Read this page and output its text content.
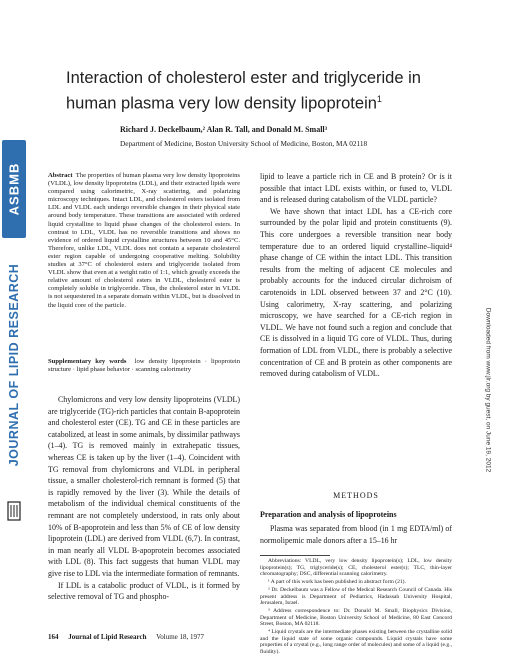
ASBMB
JOURNAL OF LIPID RESEARCH	Downloaded from www.jlr.org by guest, on June 19, 2012
Interaction of cholesterol ester and triglyceride in human plasma very low density lipoprotein$^1$
Richard J. Deckelbaum,² Alan R. Tall, and Donald M. Small³
Department of Medicine, Boston University School of Medicine, Boston, MA 02118
Abstract The properties of human plasma very low density lipoproteins (VLDL), low density lipoproteins (LDL), and their extracted lipids were compared using calorimetric, X-ray scattering, and polarizing microscopy techniques. Intact LDL, and cholesterol esters isolated from LDL and VLDL each undergo reversible changes in their physical state around body temperature. These transitions are associated with ordered liquid crystalline to liquid phase changes of the cholesterol esters. In contrast to LDL, VLDL has no reversible transitions and shows no evidence of ordered liquid crystalline structures between 10 and 45°C. Therefore, unlike LDL, VLDL does not contain a separate cholesterol ester region capable of undergoing cooperative melting. Solubility studies at 37°C of cholesterol esters and triglyceride isolated from VLDL show that even at a weight ratio of 1:1, which greatly exceeds the relative amount of cholesterol esters in VLDL, cholesterol ester is completely soluble in triglyceride. Thus, the cholesterol ester in VLDL is not sequestered in a separate domain within VLDL, but is dissolved in the liquid core of the particle.
Supplementary key words low density lipoprotein · lipoprotein structure · lipid phase behavior · scanning calorimetry

Chylomicrons and very low density lipoproteins (VLDL) are triglyceride (TG)-rich particles that contain B-apoprotein and cholesterol ester (CE). TG and CE in these particles are catabolized, at least in some animals, by dissimilar pathways (1–4). TG is removed mainly in extrahepatic tissues, whereas CE is taken up by the liver (1–4). Coincident with TG removal from chylomicrons and VLDL in peripheral tissue, a smaller cholesterol-rich remnant is formed (5) that is rapidly removed by the liver (3). While the details of metabolism of the individual chemical constituents of the remnant are not completely understood, in rats only about 10% of B-apoprotein and less than 5% of CE of low density lipoprotein (LDL) are derived from VLDL (6,7). In contrast, in man nearly all VLDL B-apoprotein becomes associated with LDL (8). This fact suggests that human VLDL may give rise to LDL via the intermediate formation of remnants.

If LDL is a catabolic product of VLDL, is it formed by selective removal of TG and phospho-

lipid to leave a particle rich in CE and B protein? Or is it possible that intact LDL exists within, or fused to, VLDL and is released during catabolism of the VLDL particle?

We have shown that intact LDL has a CE-rich core surrounded by the polar lipid and protein constituents (9). This core undergoes a reversible transition near body temperature due to an ordered liquid crystalline–liquid⁴ phase change of CE within the intact LDL. This transition results from the melting of adjacent CE molecules and probably accounts for the induced circular dichroism of carotenoids in LDL observed between 37 and 2°C (10). Using calorimetry, X-ray scattering, and polarizing microscopy, we have searched for a CE-rich region in VLDL. We have not found such a region and conclude that CE is dissolved in a liquid TG core of VLDL. Thus, during formation of LDL from VLDL, there is probably a selective concentration of CE and B protein as other components are removed during catabolism of VLDL.

METHODS
Preparation and analysis of lipoproteins

Plasma was separated from blood (in 1 mg EDTA/ml) of normolipemic male donors after a 15–16 hr

Abbreviations: VLDL, very low density lipoprotein(s); LDL, low density lipoprotein(s); TG, triglyceride(s); CE, cholesterol ester(s); TLC, thin-layer chromatography; DSC, differential scanning calorimetry.

¹ A part of this work has been published in abstract form (21).

² Dr. Deckelbaum was a Fellow of the Medical Research Council of Canada. His present address is Department of Pediatrics, Hadassah University Hospital, Jerusalem, Israel.

³ Address correspondence to: Dr. Donald M. Small, Biophysics Division, Department of Medicine, Boston University School of Medicine, 80 East Concord Street, Boston, MA 02118.

⁴ Liquid crystals are the intermediate phases existing between the crystalline solid and the liquid state of some organic compounds. Liquid crystals have some properties of a crystal (e.g., long range order of molecules) and some of a liquid (e.g., fluidity).

164 Journal of Lipid Research Volume 18, 1977
